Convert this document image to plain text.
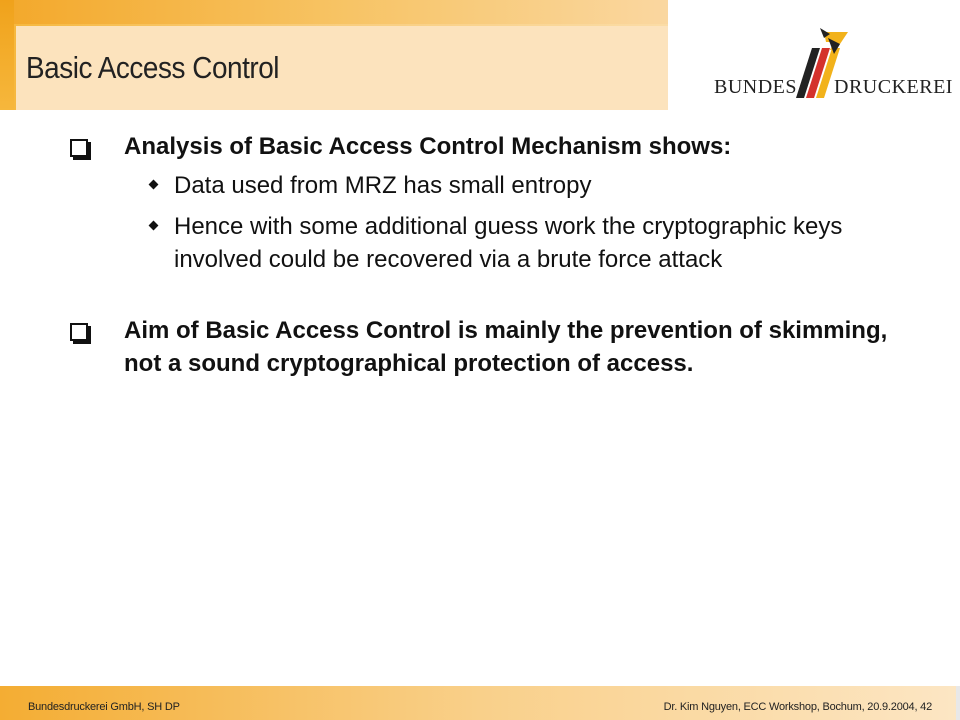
Basic Access Control
BUNDES DRUCKEREI
Analysis of Basic Access Control Mechanism shows:
Data used from MRZ has small entropy
Hence with some additional guess work the cryptographic keys involved could be recovered via a brute force attack
Aim of Basic Access Control is mainly the prevention of skimming, not a sound cryptographical protection of access.
Bundesdruckerei GmbH, SH DP	Dr. Kim Nguyen, ECC Workshop, Bochum, 20.9.2004, 42
